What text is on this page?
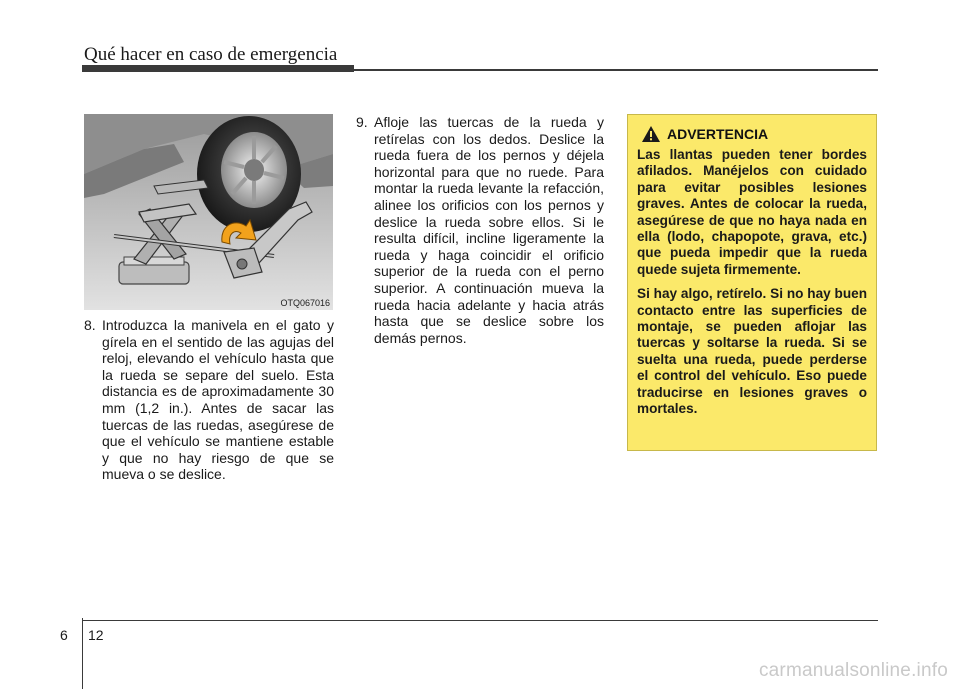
Qué hacer en caso de emergencia
OTQ067016
8. Introduzca la manivela en el gato y gírela en el sentido de las agujas del reloj, elevando el vehículo hasta que la rueda se separe del suelo. Esta distancia es de aproximadamente 30 mm (1,2 in.). Antes de sacar las tuercas de las ruedas, asegúrese de que el vehículo se mantiene estable y que no hay riesgo de que se mueva o se deslice.
9. Afloje las tuercas de la rueda y retírelas con los dedos. Deslice la rueda fuera de los pernos y déjela horizontal para que no ruede. Para montar la rueda levante la refacción, alinee los orificios con los pernos y deslice la rueda sobre ellos. Si le resulta difícil, incline ligeramente la rueda y haga coincidir el orificio superior de la rueda con el perno superior. A continuación mueva la rueda hacia adelante y hacia atrás hasta que se deslice sobre los demás pernos.
ADVERTENCIA

Las llantas pueden tener bordes afilados. Manéjelos con cuidado para evitar posibles lesiones graves. Antes de colocar la rueda, asegúrese de que no haya nada en ella (lodo, chapopote, grava, etc.) que pueda impedir que la rueda quede sujeta firmemente.

Si hay algo, retírelo. Si no hay buen contacto entre las superficies de montaje, se pueden aflojar las tuercas y soltarse la rueda. Si se suelta una rueda, puede perderse el control del vehículo. Eso puede traducirse en lesiones graves o mortales.

6 12
carmanualsonline.info
